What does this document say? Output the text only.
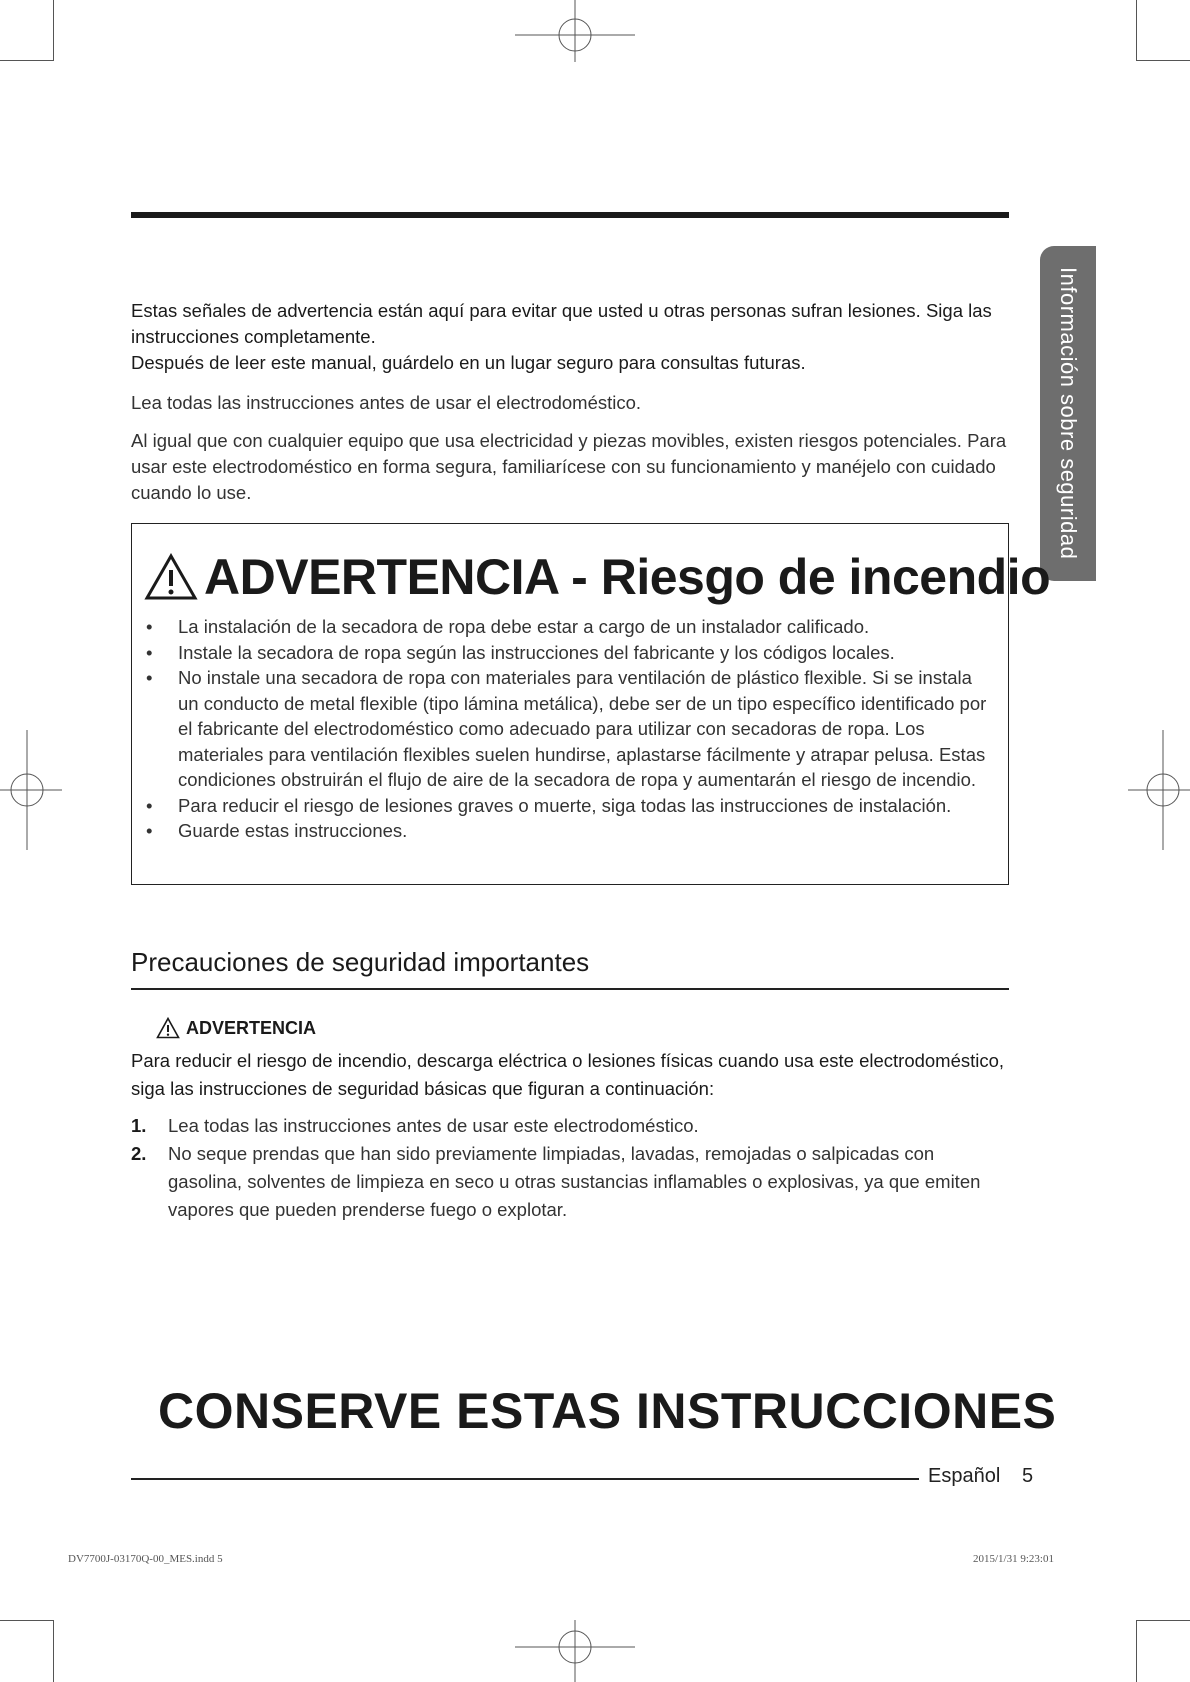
Información sobre seguridad

Estas señales de advertencia están aquí para evitar que usted u otras personas sufran lesiones. Siga las instrucciones completamente.

Después de leer este manual, guárdelo en un lugar seguro para consultas futuras.

Lea todas las instrucciones antes de usar el electrodoméstico.

Al igual que con cualquier equipo que usa electricidad y piezas movibles, existen riesgos potenciales. Para usar este electrodoméstico en forma segura, familiarícese con su funcionamiento y manéjelo con cuidado cuando lo use.

ADVERTENCIA - Riesgo de incendio
• La instalación de la secadora de ropa debe estar a cargo de un instalador calificado.
• Instale la secadora de ropa según las instrucciones del fabricante y los códigos locales.
• No instale una secadora de ropa con materiales para ventilación de plástico flexible. Si se instala un conducto de metal flexible (tipo lámina metálica), debe ser de un tipo específico identificado por el fabricante del electrodoméstico como adecuado para utilizar con secadoras de ropa. Los materiales para ventilación flexibles suelen hundirse, aplastarse fácilmente y atrapar pelusa. Estas condiciones obstruirán el flujo de aire de la secadora de ropa y aumentarán el riesgo de incendio.
• Para reducir el riesgo de lesiones graves o muerte, siga todas las instrucciones de instalación.
• Guarde estas instrucciones.
Precauciones de seguridad importantes
ADVERTENCIA

Para reducir el riesgo de incendio, descarga eléctrica o lesiones físicas cuando usa este electrodoméstico, siga las instrucciones de seguridad básicas que figuran a continuación:

1. Lea todas las instrucciones antes de usar este electrodoméstico.
2. No seque prendas que han sido previamente limpiadas, lavadas, remojadas o salpicadas con gasolina, solventes de limpieza en seco u otras sustancias inflamables o explosivas, ya que emiten vapores que pueden prenderse fuego o explotar.
CONSERVE ESTAS INSTRUCCIONES
Español 5
DV7700J-03170Q-00_MES.indd 5	2015/1/31 9:23:01
